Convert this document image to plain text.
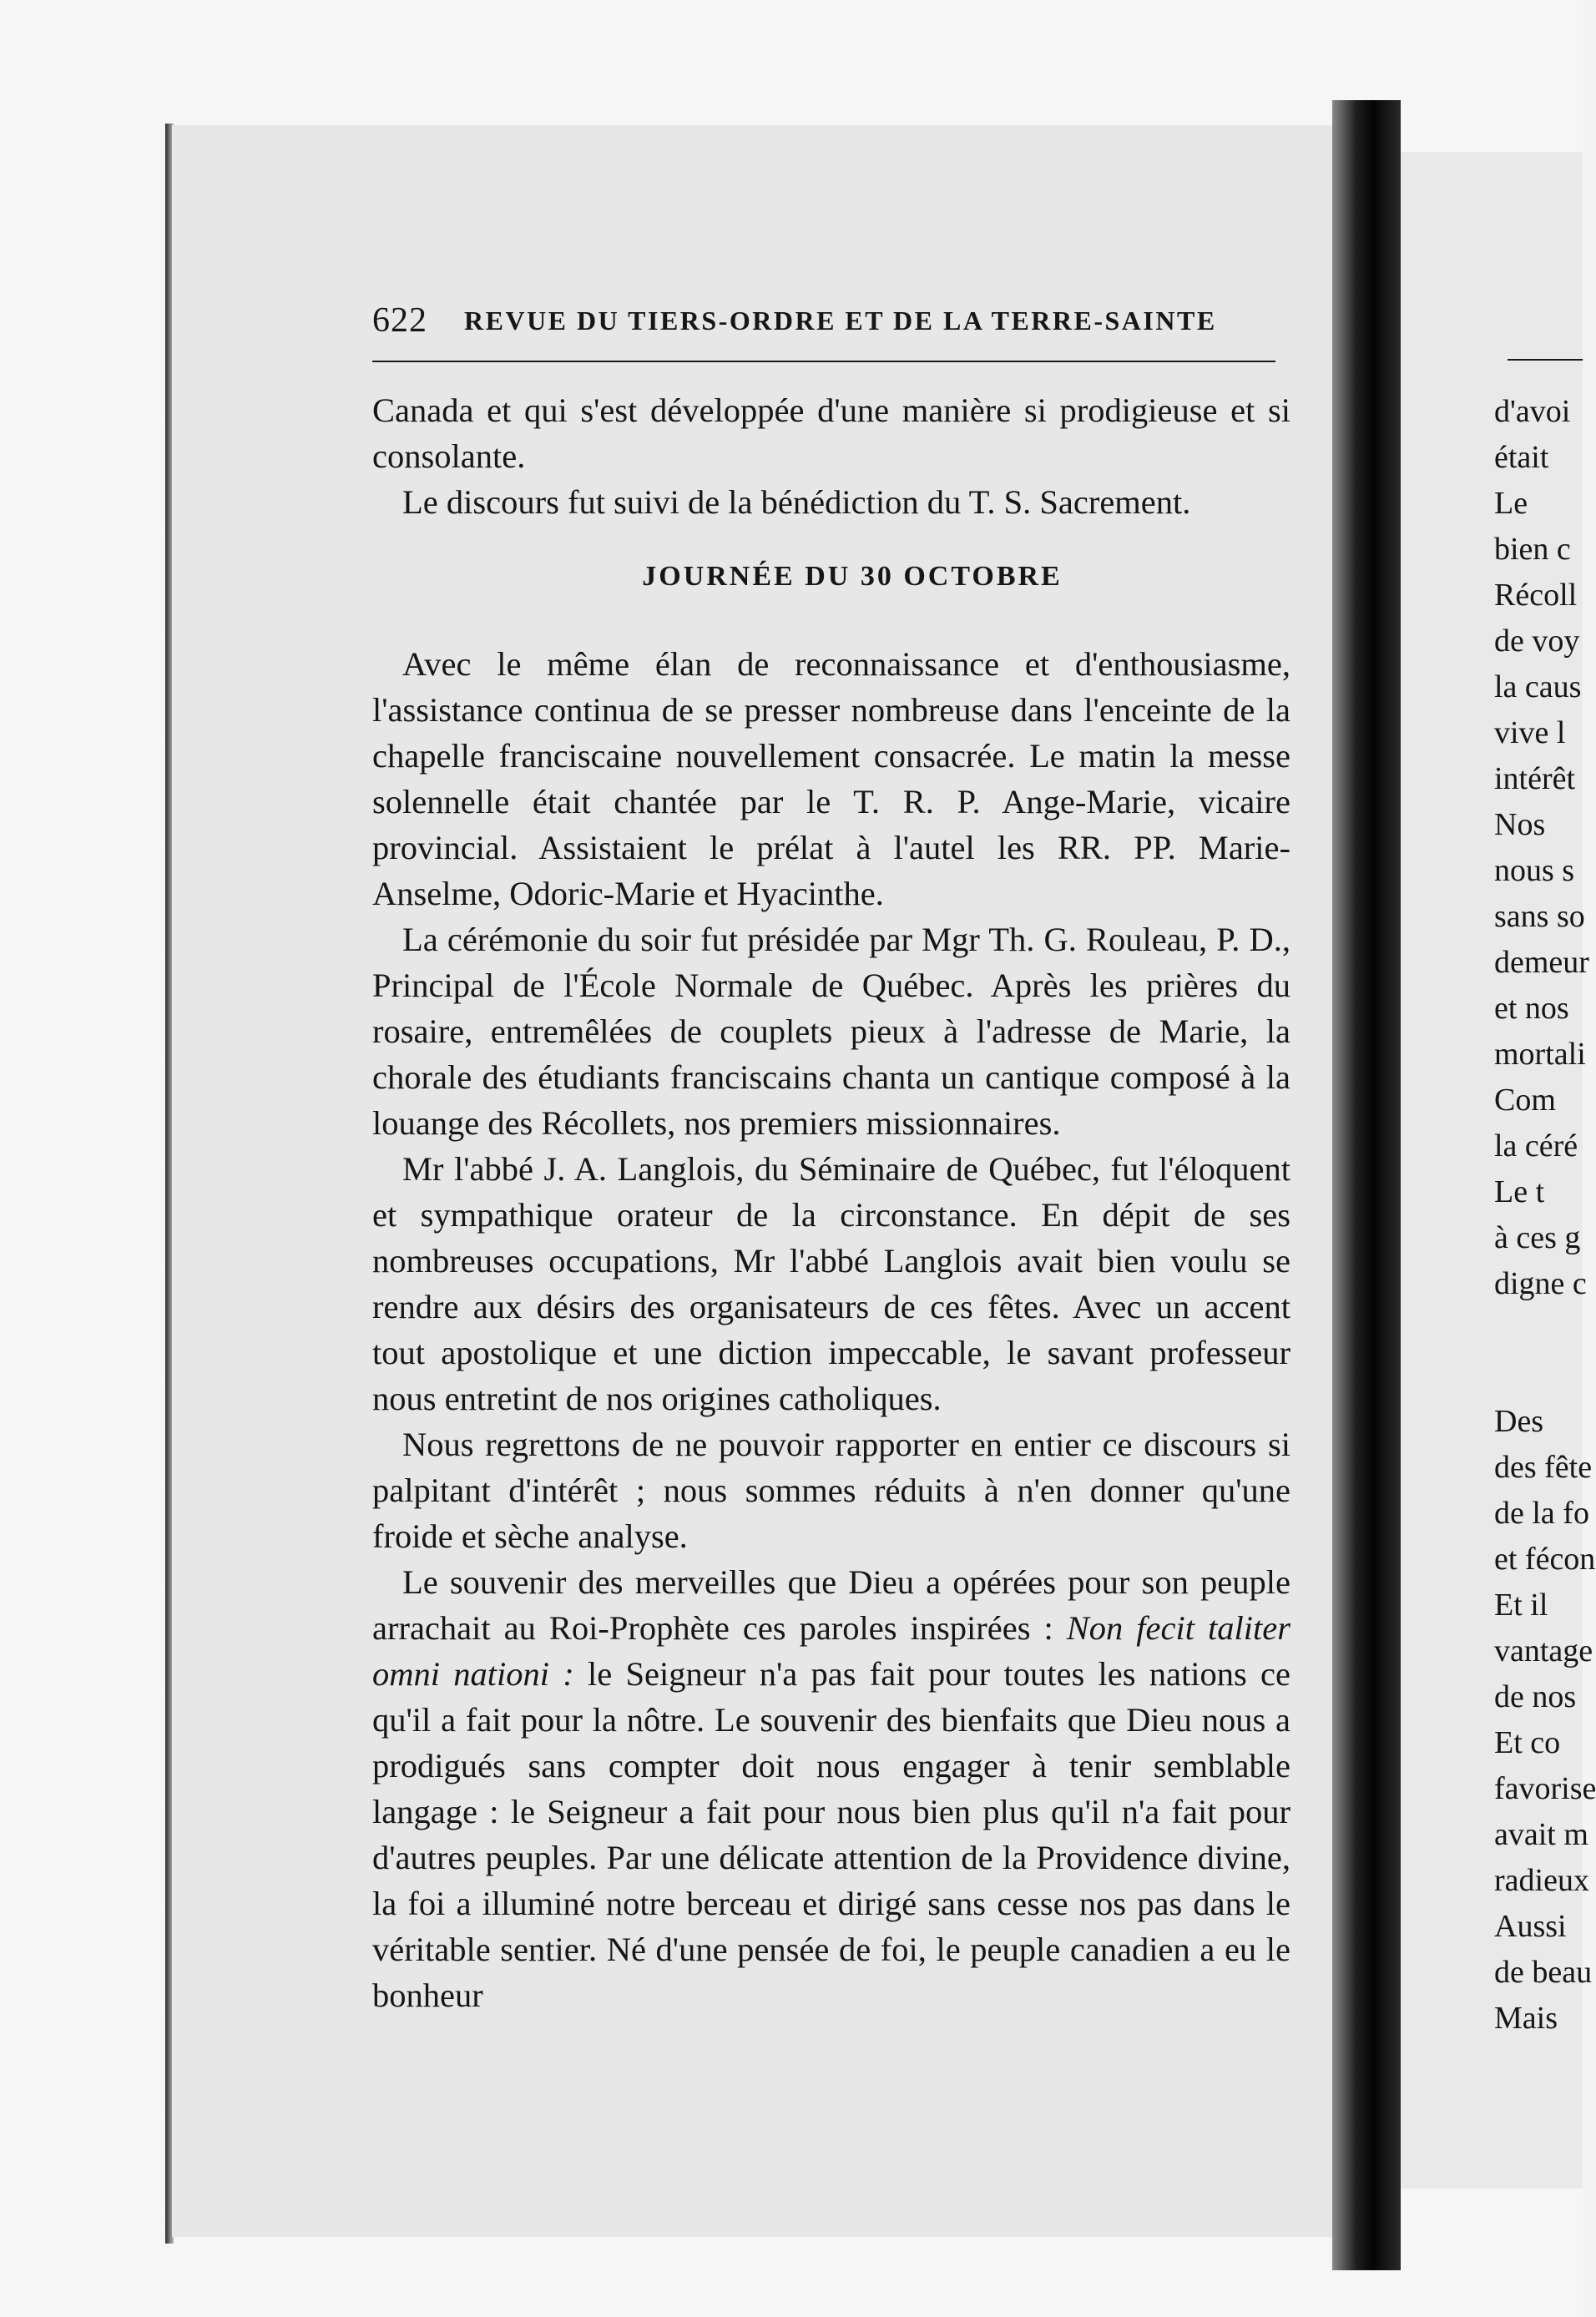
622 REVUE DU TIERS-ORDRE ET DE LA TERRE-SAINTE

Canada et qui s'est développée d'une manière si prodigieuse et si consolante.

Le discours fut suivi de la bénédiction du T. S. Sacrement.

JOURNÉE DU 30 OCTOBRE

Avec le même élan de reconnaissance et d'enthousiasme, l'assistance continua de se presser nombreuse dans l'enceinte de la chapelle franciscaine nouvellement consacrée. Le matin la messe solennelle était chantée par le T. R. P. Ange-Marie, vicaire provincial. Assistaient le prélat à l'autel les RR. PP. Marie-Anselme, Odoric-Marie et Hyacinthe.

La cérémonie du soir fut présidée par Mgr Th. G. Rouleau, P. D., Principal de l'École Normale de Québec. Après les prières du rosaire, entremêlées de couplets pieux à l'adresse de Marie, la chorale des étudiants franciscains chanta un cantique composé à la louange des Récollets, nos premiers missionnaires.

Mr l'abbé J. A. Langlois, du Séminaire de Québec, fut l'éloquent et sympathique orateur de la circonstance. En dépit de ses nombreuses occupations, Mr l'abbé Langlois avait bien voulu se rendre aux désirs des organisateurs de ces fêtes. Avec un accent tout apostolique et une diction impeccable, le savant professeur nous entretint de nos origines catholiques.

Nous regrettons de ne pouvoir rapporter en entier ce discours si palpitant d'intérêt ; nous sommes réduits à n'en donner qu'une froide et sèche analyse.

Le souvenir des merveilles que Dieu a opérées pour son peuple arrachait au Roi-Prophète ces paroles inspirées : Non fecit taliter omni nationi : le Seigneur n'a pas fait pour toutes les nations ce qu'il a fait pour la nôtre. Le souvenir des bienfaits que Dieu nous a prodigués sans compter doit nous engager à tenir semblable langage : le Seigneur a fait pour nous bien plus qu'il n'a fait pour d'autres peuples. Par une délicate attention de la Providence divine, la foi a illuminé notre berceau et dirigé sans cesse nos pas dans le véritable sentier. Né d'une pensée de foi, le peuple canadien a eu le bonheur

d'avoi
était
Le
bien c
Récoll
de voy
la caus
vive l
intérêt
Nos
nous s
sans so
demeur
et nos
mortali
Com
la céré
Le t
à ces g
digne c
Des
des fête
de la fo
et fécon
Et il
vantage
de nos
Et co
favorise
avait m
radieux
Aussi
de beau
Mais
